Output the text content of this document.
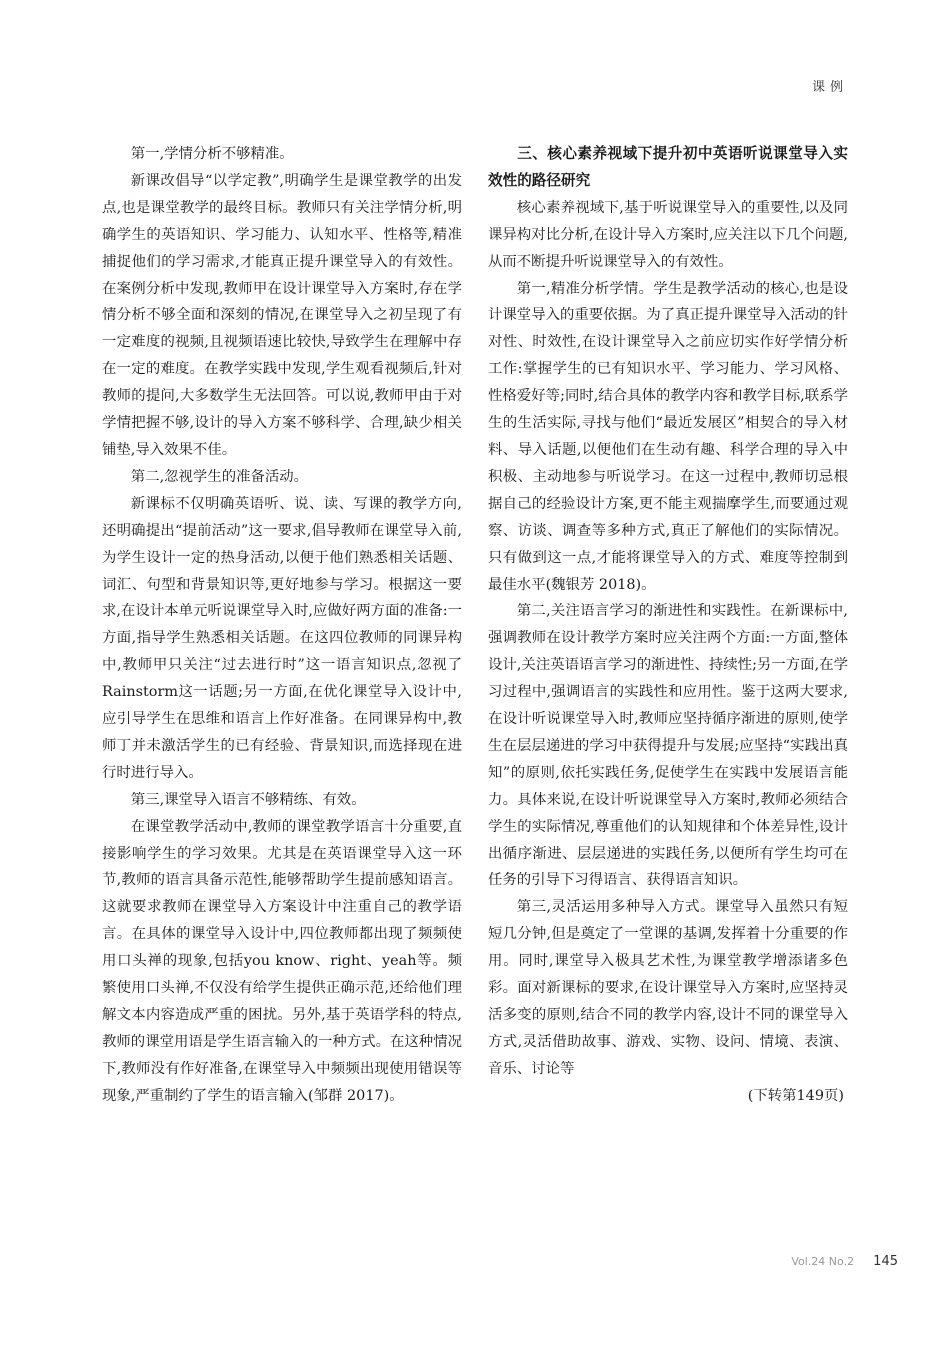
课例

第一,学情分析不够精准。

新课改倡导“以学定教”,明确学生是课堂教学的出发点,也是课堂教学的最终目标。教师只有关注学情分析,明确学生的英语知识、学习能力、认知水平、性格等,精准捕捉他们的学习需求,才能真正提升课堂导入的有效性。在案例分析中发现,教师甲在设计课堂导入方案时,存在学情分析不够全面和深刻的情况,在课堂导入之初呈现了有一定难度的视频,且视频语速比较快,导致学生在理解中存在一定的难度。在教学实践中发现,学生观看视频后,针对教师的提问,大多数学生无法回答。可以说,教师甲由于对学情把握不够,设计的导入方案不够科学、合理,缺少相关铺垫,导入效果不佳。

第二,忽视学生的准备活动。

新课标不仅明确英语听、说、读、写课的教学方向,还明确提出“提前活动”这一要求,倡导教师在课堂导入前,为学生设计一定的热身活动,以便于他们熟悉相关话题、词汇、句型和背景知识等,更好地参与学习。根据这一要求,在设计本单元听说课堂导入时,应做好两方面的准备:一方面,指导学生熟悉相关话题。在这四位教师的同课异构中,教师甲只关注“过去进行时”这一语言知识点,忽视了Rainstorm这一话题;另一方面,在优化课堂导入设计中,应引导学生在思维和语言上作好准备。在同课异构中,教师丁并未激活学生的已有经验、背景知识,而选择现在进行时进行导入。

第三,课堂导入语言不够精练、有效。

在课堂教学活动中,教师的课堂教学语言十分重要,直接影响学生的学习效果。尤其是在英语课堂导入这一环节,教师的语言具备示范性,能够帮助学生提前感知语言。这就要求教师在课堂导入方案设计中注重自己的教学语言。在具体的课堂导入设计中,四位教师都出现了频频使用口头禅的现象,包括you know、right、yeah等。频繁使用口头禅,不仅没有给学生提供正确示范,还给他们理解文本内容造成严重的困扰。另外,基于英语学科的特点,教师的课堂用语是学生语言输入的一种方式。在这种情况下,教师没有作好准备,在课堂导入中频频出现使用错误等现象,严重制约了学生的语言输入(邹群 2017)。

三、核心素养视域下提升初中英语听说课堂导入实效性的路径研究

核心素养视域下,基于听说课堂导入的重要性,以及同课异构对比分析,在设计导入方案时,应关注以下几个问题,从而不断提升听说课堂导入的有效性。

第一,精准分析学情。学生是教学活动的核心,也是设计课堂导入的重要依据。为了真正提升课堂导入活动的针对性、时效性,在设计课堂导入之前应切实作好学情分析工作:掌握学生的已有知识水平、学习能力、学习风格、性格爱好等;同时,结合具体的教学内容和教学目标,联系学生的生活实际,寻找与他们“最近发展区”相契合的导入材料、导入话题,以便他们在生动有趣、科学合理的导入中积极、主动地参与听说学习。在这一过程中,教师切忌根据自己的经验设计方案,更不能主观揣摩学生,而要通过观察、访谈、调查等多种方式,真正了解他们的实际情况。只有做到这一点,才能将课堂导入的方式、难度等控制到最佳水平(魏银芳 2018)。

第二,关注语言学习的渐进性和实践性。在新课标中,强调教师在设计教学方案时应关注两个方面:一方面,整体设计,关注英语语言学习的渐进性、持续性;另一方面,在学习过程中,强调语言的实践性和应用性。鉴于这两大要求,在设计听说课堂导入时,教师应坚持循序渐进的原则,使学生在层层递进的学习中获得提升与发展;应坚持“实践出真知”的原则,依托实践任务,促使学生在实践中发展语言能力。具体来说,在设计听说课堂导入方案时,教师必须结合学生的实际情况,尊重他们的认知规律和个体差异性,设计出循序渐进、层层递进的实践任务,以便所有学生均可在任务的引导下习得语言、获得语言知识。

第三,灵活运用多种导入方式。课堂导入虽然只有短短几分钟,但是奠定了一堂课的基调,发挥着十分重要的作用。同时,课堂导入极具艺术性,为课堂教学增添诸多色彩。面对新课标的要求,在设计课堂导入方案时,应坚持灵活多变的原则,结合不同的教学内容,设计不同的课堂导入方式,灵活借助故事、游戏、实物、设问、情境、表演、音乐、讨论等

(下转第149页)

Vol.24 No.2 145
